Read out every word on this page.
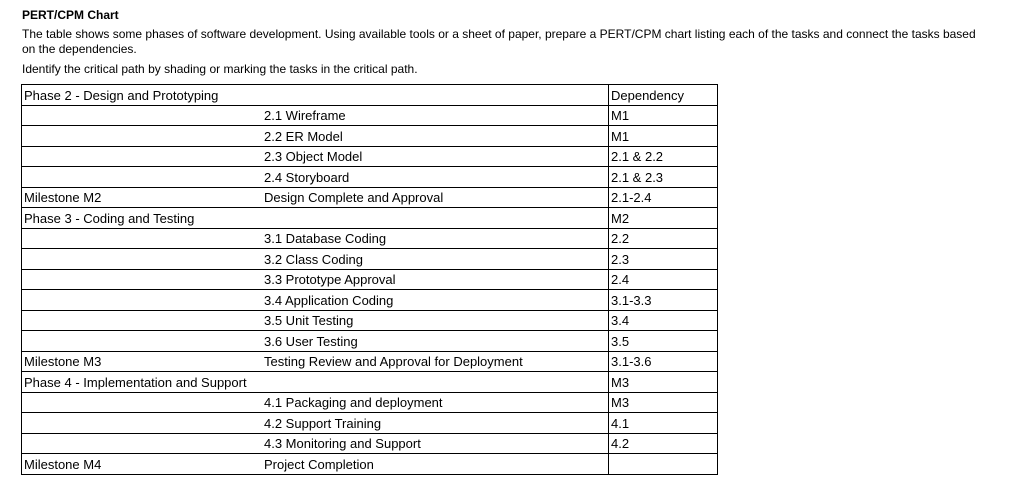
PERT/CPM Chart
The table shows some phases of software development. Using available tools or a sheet of paper, prepare a PERT/CPM chart listing each of the tasks and connect the tasks based on the dependencies.
Identify the critical path by shading or marking the tasks in the critical path.
Phase 2 - Design and Prototyping		Dependency
	2.1 Wireframe	M1
	2.2 ER Model	M1
	2.3 Object Model	2.1 & 2.2
	2.4 Storyboard	2.1 & 2.3
Milestone M2	Design Complete and Approval	2.1-2.4
Phase 3 - Coding and Testing		M2
	3.1 Database Coding	2.2
	3.2 Class Coding	2.3
	3.3 Prototype Approval	2.4
	3.4 Application Coding	3.1-3.3
	3.5 Unit Testing	3.4
	3.6 User Testing	3.5
Milestone M3	Testing Review and Approval for Deployment	3.1-3.6
Phase 4 - Implementation and Support		M3
	4.1 Packaging and deployment	M3
	4.2 Support Training	4.1
	4.3 Monitoring and Support	4.2
Milestone M4	Project Completion	
